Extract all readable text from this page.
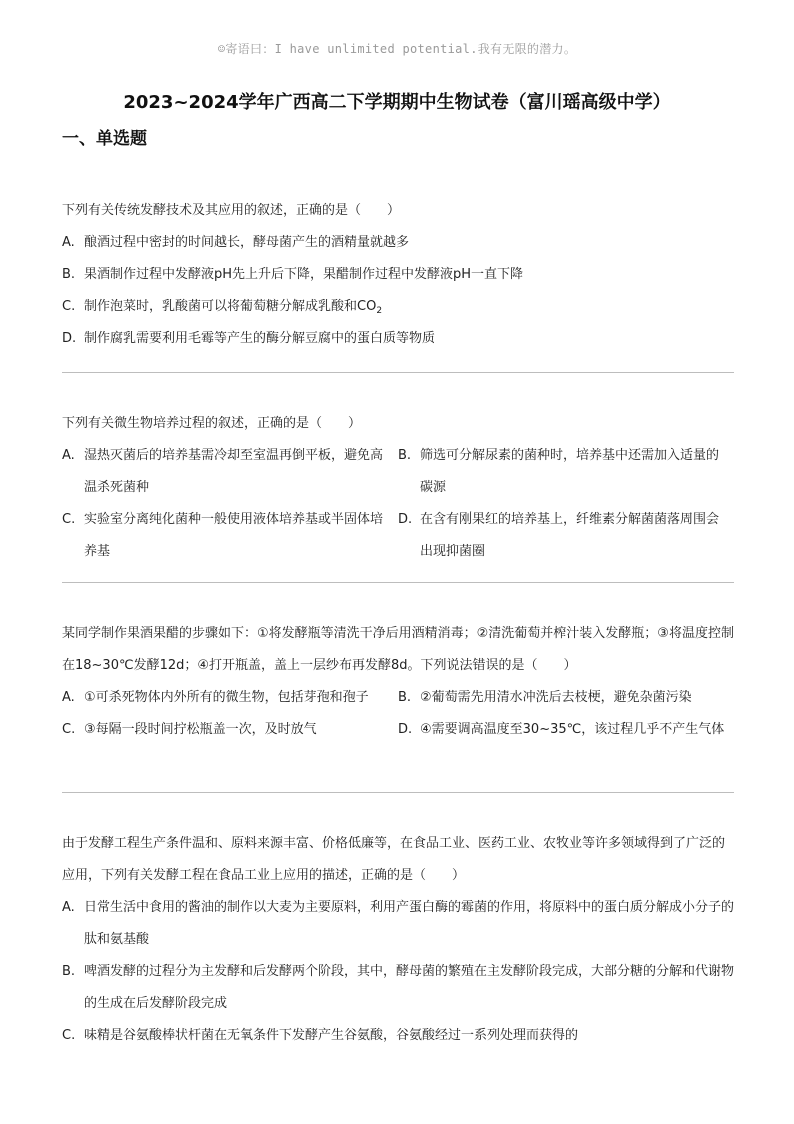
☺寄语曰：I have unlimited potential.我有无限的潜力。
2023~2024学年广西高二下学期期中生物试卷（富川瑶高级中学）
一、单选题

下列有关传统发酵技术及其应用的叙述，正确的是（　　）

A. 酿酒过程中密封的时间越长，酵母菌产生的酒精量就越多
B. 果酒制作过程中发酵液pH先上升后下降，果醋制作过程中发酵液pH一直下降
C. 制作泡菜时，乳酸菌可以将葡萄糖分解成乳酸和$CO_2$
D. 制作腐乳需要利用毛霉等产生的酶分解豆腐中的蛋白质等物质

下列有关微生物培养过程的叙述，正确的是（　　）

A. 湿热灭菌后的培养基需冷却至室温再倒平板，避免高温杀死菌种
B. 筛选可分解尿素的菌种时，培养基中还需加入适量的碳源
C. 实验室分离纯化菌种一般使用液体培养基或半固体培养基
D. 在含有刚果红的培养基上，纤维素分解菌菌落周围会出现抑菌圈

某同学制作果酒果醋的步骤如下：①将发酵瓶等清洗干净后用酒精消毒；②清洗葡萄并榨汁装入发酵瓶；③将温度控制在18~30℃发酵12d；④打开瓶盖，盖上一层纱布再发酵8d。下列说法错误的是（　　）

A. ①可杀死物体内外所有的微生物，包括芽孢和孢子	B. ②葡萄需先用清水冲洗后去枝梗，避免杂菌污染
C. ③每隔一段时间拧松瓶盖一次，及时放气	D. ④需要调高温度至30~35℃，该过程几乎不产生气体

由于发酵工程生产条件温和、原料来源丰富、价格低廉等，在食品工业、医药工业、农牧业等许多领域得到了广泛的应用，下列有关发酵工程在食品工业上应用的描述，正确的是（　　）

A. 日常生活中食用的酱油的制作以大麦为主要原料，利用产蛋白酶的霉菌的作用，将原料中的蛋白质分解成小分子的肽和氨基酸
B. 啤酒发酵的过程分为主发酵和后发酵两个阶段，其中，酵母菌的繁殖在主发酵阶段完成，大部分糖的分解和代谢物的生成在后发酵阶段完成
C. 味精是谷氨酸棒状杆菌在无氧条件下发酵产生谷氨酸，谷氨酸经过一系列处理而获得的
